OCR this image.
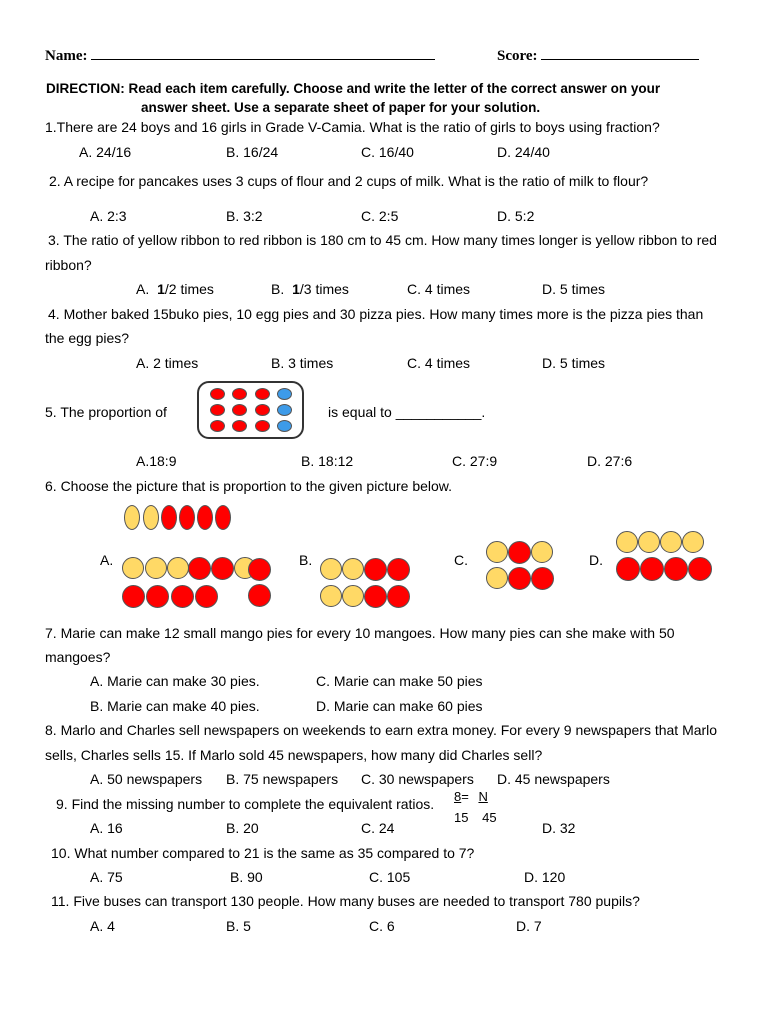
Name:	Score:
DIRECTION: Read each item carefully. Choose and write the letter of the correct answer on your
answer sheet. Use a separate sheet of paper for your solution.
1.There are 24 boys and 16 girls in Grade V-Camia. What is the ratio of girls to boys using fraction?
A. 24/16	B. 16/24	C. 16/40	D. 24/40
2. A recipe for pancakes uses 3 cups of flour and 2 cups of milk. What is the ratio of milk to flour?
A. 2:3	B. 3:2	C. 2:5	D. 5:2
3. The ratio of yellow ribbon to red ribbon is 180 cm to 45 cm. How many times longer is yellow ribbon to red
ribbon?
A. 1/2 times	B. 1/3 times	C. 4 times	D. 5 times
4. Mother baked 15buko pies, 10 egg pies and 30 pizza pies. How many times more is the pizza pies than
the egg pies?
A. 2 times	B. 3 times	C. 4 times	D. 5 times
5. The proportion of	is equal to ___________.
A.18:9	B. 18:12	C. 27:9	D. 27:6
6. Choose the picture that is proportion to the given picture below.
A.	B.	C.	D.
7. Marie can make 12 small mango pies for every 10 mangoes. How many pies can she make with 50
mangoes?
A. Marie can make 30 pies.
B. Marie can make 40 pies.
C. Marie can make 50 pies
D. Marie can make 60 pies
8. Marlo and Charles sell newspapers on weekends to earn extra money. For every 9 newspapers that Marlo
sells, Charles sells 15. If Marlo sold 45 newspapers, how many did Charles sell?
A. 50 newspapers B. 75 newspapers C. 30 newspapers D. 45 newspapers
9. Find the missing number to complete the equivalent ratios. 8= N
15 45
A. 16	B. 20	C. 24	D. 32
10. What number compared to 21 is the same as 35 compared to 7?
A. 75	B. 90	C. 105	D. 120
11. Five buses can transport 130 people. How many buses are needed to transport 780 pupils?
A. 4	B. 5	C. 6	D. 7
